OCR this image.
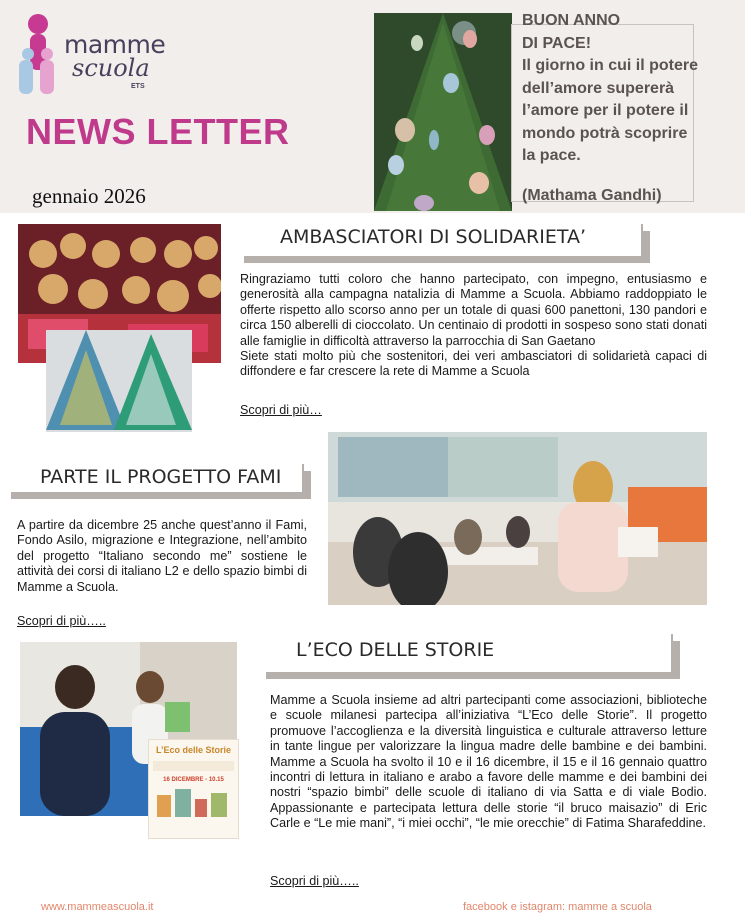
mamme
scuola
ETS
NEWS LETTER
gennaio 2026
BUON ANNO
DI PACE!
Il giorno in cui il potere
dell’amore supererà
l’amore per il potere il
mondo potrà scoprire
la pace.
(Mathama Gandhi)
AMBASCIATORI DI SOLIDARIETA’
Ringraziamo tutti coloro che hanno partecipato, con impegno, entusiasmo e generosità alla campagna natalizia di Mamme a Scuola. Abbiamo raddoppiato le offerte rispetto allo scorso anno per un totale di quasi 600 panettoni, 130 pandori e circa 150 alberelli di cioccolato. Un centinaio di prodotti in sospeso sono stati donati alle famiglie in difficoltà attraverso la parrocchia di San Gaetano
Siete stati molto più che sostenitori, dei veri ambasciatori di solidarietà capaci di diffondere e far crescere la rete di Mamme a Scuola
Scopri di più…
PARTE IL PROGETTO FAMI
A partire da dicembre 25 anche quest’anno il Fami, Fondo Asilo, migrazione e Integrazione, nell’ambito del progetto “Italiano secondo me” sostiene le attività dei corsi di italiano L2 e dello spazio bimbi di Mamme a Scuola.
Scopri di più…..
L’Eco delle Storie
16 DICEMBRE - 10.15
L’ECO DELLE STORIE
Mamme a Scuola insieme ad altri partecipanti come associazioni, biblioteche e scuole milanesi partecipa all’iniziativa “L’Eco delle Storie”. Il progetto promuove l’accoglienza e la diversità linguistica e culturale attraverso letture in tante lingue per valorizzare la lingua madre delle bambine e dei bambini. Mamme a Scuola ha svolto il 10 e il 16 dicembre, il 15 e il 16 gennaio quattro incontri di lettura in italiano e arabo a favore delle mamme e dei bambini dei nostri “spazio bimbi” delle scuole di italiano di via Satta e di viale Bodio. Appassionante e partecipata lettura delle storie “il bruco maisazio” di Eric Carle e “Le mie mani”, “i miei occhi”, “le mie orecchie” di Fatima Sharafeddine.
Scopri di più…..
www.mammeascuola.it	facebook e istagram: mamme a scuola
